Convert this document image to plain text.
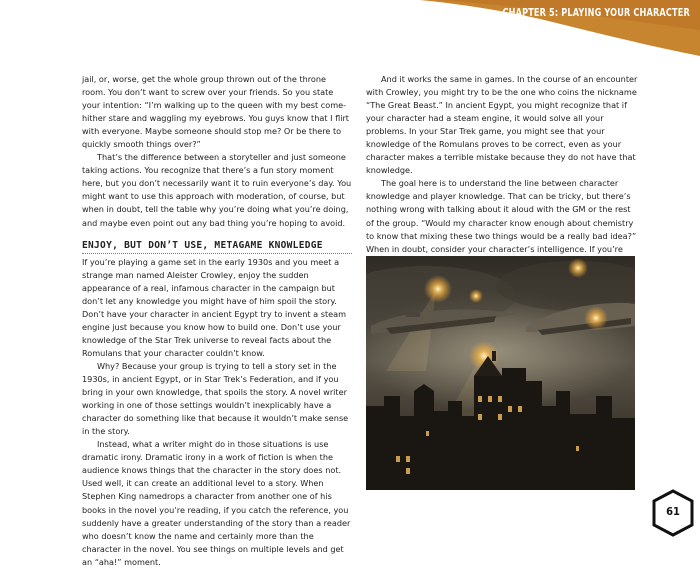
CHAPTER 5: PLAYING YOUR CHARACTER

jail, or, worse, get the whole group thrown out of the throne room. You don’t want to screw over your friends. So you state your intention: “I’m walking up to the queen with my best come-hither stare and waggling my eyebrows. You guys know that I flirt with everyone. Maybe someone should stop me? Or be there to quickly smooth things over?”

That’s the difference between a storyteller and just someone taking actions. You recognize that there’s a fun story moment here, but you don’t necessarily want it to ruin everyone’s day. You might want to use this approach with moderation, of course, but when in doubt, tell the table why you’re doing what you’re doing, and maybe even point out any bad thing you’re hoping to avoid.

ENJOY, BUT DON’T USE, METAGAME KNOWLEDGE

If you’re playing a game set in the early 1930s and you meet a strange man named Aleister Crowley, enjoy the sudden appearance of a real, infamous character in the campaign but don’t let any knowledge you might have of him spoil the story. Don’t have your character in ancient Egypt try to invent a steam engine just because you know how to build one. Don’t use your knowledge of the Star Trek universe to reveal facts about the Romulans that your character couldn’t know.

Why? Because your group is trying to tell a story set in the 1930s, in ancient Egypt, or in Star Trek’s Federation, and if you bring in your own knowledge, that spoils the story. A novel writer working in one of those settings wouldn’t inexplicably have a character do something like that because it wouldn’t make sense in the story.

Instead, what a writer might do in those situations is use dramatic irony. Dramatic irony in a work of fiction is when the audience knows things that the character in the story does not. Used well, it can create an additional level to a story. When Stephen King namedrops a character from another one of his books in the novel you’re reading, if you catch the reference, you suddenly have a greater understanding of the story than a reader who doesn’t know the name and certainly more than the character in the novel. You see things on multiple levels and get an “aha!” moment.

And it works the same in games. In the course of an encounter with Crowley, you might try to be the one who coins the nickname “The Great Beast.” In ancient Egypt, you might recognize that if your character had a steam engine, it would solve all your problems. In your Star Trek game, you might see that your knowledge of the Romulans proves to be correct, even as your character makes a terrible mistake because they do not have that knowledge.

The goal here is to understand the line between character knowledge and player knowledge. That can be tricky, but there’s nothing wrong with talking about it aloud with the GM or the rest of the group. “Would my character know enough about chemistry to know that mixing these two things would be a really bad idea?” When in doubt, consider your character’s intelligence. If you’re

61
